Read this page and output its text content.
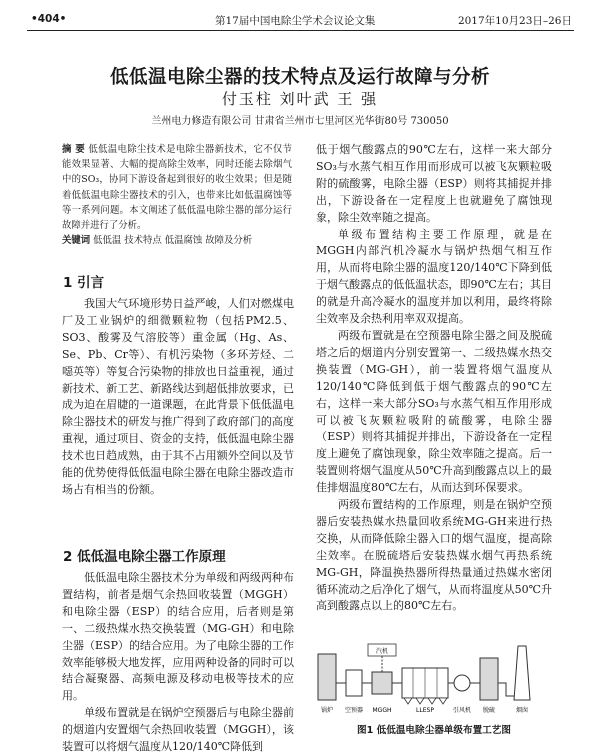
•404•	第17届中国电除尘学术会议论文集	2017年10月23日–26日
低低温电除尘器的技术特点及运行故障与分析
付玉柱 刘叶武 王 强
兰州电力修造有限公司 甘肃省兰州市七里河区光华街80号 730050
摘 要 低低温电除尘技术是电除尘器新技术，它不仅节能效果显著、大幅的提高除尘效率，同时还能去除烟气中的SO₃，协同下游设备起到很好的收尘效果；但是随着低低温电除尘器技术的引入，也带来比如低温腐蚀等等一系列问题。本文阐述了低低温电除尘器的部分运行故障并进行了分析。
关键词 低低温 技术特点 低温腐蚀 故障及分析
1 引言

我国大气环境形势日益严峻，人们对燃煤电厂及工业锅炉的细微颗粒物（包括PM2.5、SO3、酸雾及气溶胶等）重金属（Hg、As、Se、Pb、Cr等）、有机污染物（多环芳烃、二噁英等）等复合污染物的排放也日益重视，通过新技术、新工艺、新路线达到超低排放要求，已成为迫在眉睫的一道课题，在此背景下低低温电除尘器技术的研发与推广得到了政府部门的高度重视，通过项目、资金的支持，低低温电除尘器技术也日趋成熟，由于其不占用额外空间以及节能的优势使得低低温电除尘器在电除尘器改造市场占有相当的份额。

2 低低温电除尘器工作原理

低低温电除尘器技术分为单级和两级两种布置结构，前者是烟气余热回收装置（MGGH）和电除尘器（ESP）的结合应用，后者则是第一、二级热煤水热交换装置（MG-GH）和电除尘器（ESP）的结合应用。为了电除尘器的工作效率能够极大地发挥，应用两种设备的同时可以结合凝聚器、高频电源及移动电极等技术的应用。

单级布置就是在锅炉空预器后与电除尘器前的烟道内安置烟气余热回收装置（MGGH），该装置可以将烟气温度从120/140℃降低到

低于烟气酸露点的90℃左右，这样一来大部分SO₃与水蒸气相互作用而形成可以被飞灰颗粒吸附的硫酸雾，电除尘器（ESP）则将其捕捉并排出，下游设备在一定程度上也就避免了腐蚀现象，除尘效率随之提高。

单级布置结构主要工作原理，就是在MGGH内部汽机冷凝水与锅炉热烟气相互作用，从而将电除尘器的温度120/140℃下降到低于烟气酸露点的低低温状态，即90℃左右；其目的就是升高冷凝水的温度并加以利用，最终将除尘效率及余热利用率双双提高。

两级布置就是在空预器电除尘器之间及脱硫塔之后的烟道内分别安置第一、二级热媒水热交换装置（MG-GH），前一装置将烟气温度从120/140℃降低到低于烟气酸露点的90℃左右，这样一来大部分SO₃与水蒸气相互作用形成可以被飞灰颗粒吸附的硫酸雾，电除尘器（ESP）则将其捕捉并排出，下游设备在一定程度上避免了腐蚀现象，除尘效率随之提高。后一装置则将烟气温度从50℃升高到酸露点以上的最佳排烟温度80℃左右，从而达到环保要求。

两级布置结构的工作原理，则是在锅炉空预器后安装热媒水热量回收系统MG-GH来进行热交换，从而降低除尘器入口的烟气温度，提高除尘效率。在脱硫塔后安装热媒水烟气再热系统MG-GH，降温换热器所得热量通过热媒水密闭循环流动之后净化了烟气，从而将温度从50℃升高到酸露点以上的80℃左右。

锅炉 空预器 MGGH	LLESP	引风机 脱硫	烟囱
汽机
图1 低低温电除尘器单级布置工艺图
